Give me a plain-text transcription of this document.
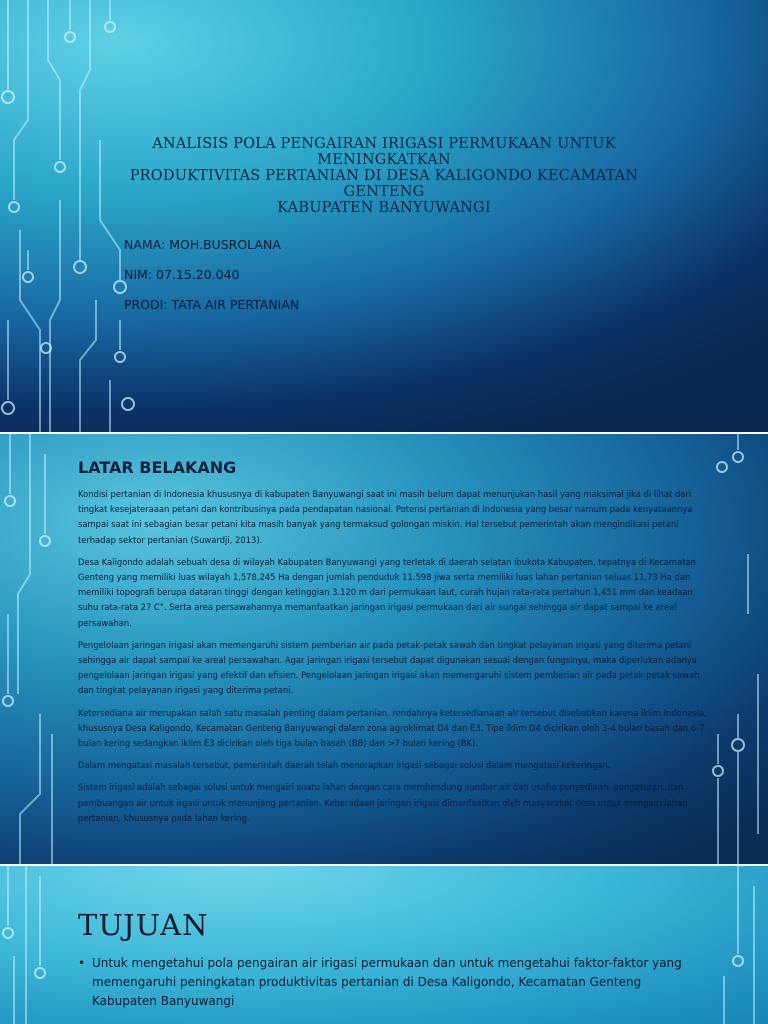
ANALISIS POLA PENGAIRAN IRIGASI PERMUKAAN UNTUK MENINGKATKAN
PRODUKTIVITAS PERTANIAN DI DESA KALIGONDO KECAMATAN GENTENG
KABUPATEN BANYUWANGI
NAMA: MOH.BUSROLANA
NIM: 07.15.20.040
PRODI: TATA AIR PERTANIAN
LATAR BELAKANG

Kondisi pertanian di Indonesia khususnya di kabupaten Banyuwangi saat ini masih belum dapat menunjukan hasil yang maksimal jika di lihat dari tingkat kesejateraaan petani dan kontribusinya pada pendapatan nasional. Potensi pertanian di Indonesia yang besar namum pada kenyataannya sampai saat ini sebagian besar petani kita masih banyak yang termaksud golongan miskin. Hal tersebut pemerintah akan mengindikasi petani terhadap sektor pertanian (Suwardji, 2013).

Desa Kaligondo adalah sebuah desa di wilayah Kabupaten Banyuwangi yang terletak di daerah selatan ibukota Kabupaten, tepatnya di Kecamatan Genteng yang memiliki luas wilayah 1,578,245 Ha dengan jumlah penduduk 11.598 jiwa serta memiliki luas lahan pertanian seluas 11,73 Ha dan memiliki topografi berupa dataran tinggi dengan ketinggian 3.120 m dari permukaan laut, curah hujan rata-rata pertahun 1,451 mm dan keadaan suhu rata-rata 27 C°. Serta area persawahannya memanfaatkan jaringan irigasi permukaan dari air sungai sehingga air dapat sampai ke areal persawahan.

Pengelolaan jaringan irigasi akan memengaruhi sistem pemberian air pada petak-petak sawah dan tingkat pelayanan irigasi yang diterima petani sehingga air dapat sampai ke areal persawahan. Agar jaringan irigasi tersebut dapat digunakan sesuai dengan fungsinya, maka diperlukan adanya pengelolaan jaringan irigasi yang efektif dan efisien. Pengelolaan jaringan irigasi akan memengaruhi sistem pemberian air pada petak-petak sawah dan tingkat pelayanan irigasi yang diterima petani.

Ketersediana air merupakan salah satu masalah penting dalam pertanian, rendahnya ketersedianaan air tersebut disebabkan karena iklim Indonesia, khususnya Desa Kaligondo, Kecamatan Genteng Banyuwangi dalam zona agroklimat D4 dan E3. Tipe iklim D4 dicirikan oleh 3-4 bulan basah dan 6-7 bulan kering sedangkan iklim E3 dicirikan oleh tiga bulan basah (BB) dan >7 bulan kering (BK).

Dalam mengatasi masalah tersebut, pemerintah daerah telah menerapkan irigasi sebagai solusi dalam mengatasi kekeringan.

Sistem irigasi adalah sebagai solusi untuk mengairi suatu lahan dengan cara membendung sumber air dan usaha penyediaan, pengaturan, dan pembuangan air untuk irgasi untuk menunjang pertanian. Keberadaan jaringan irigasi dimanfaatkan oleh masyarakat desa untuk mengairi lahan pertanian, khususnya pada lahan kering.

TUJUAN
• Untuk mengetahui pola pengairan air irigasi permukaan dan untuk mengetahui faktor-faktor yang memengaruhi peningkatan produktivitas pertanian di Desa Kaligondo, Kecamatan Genteng Kabupaten Banyuwangi
